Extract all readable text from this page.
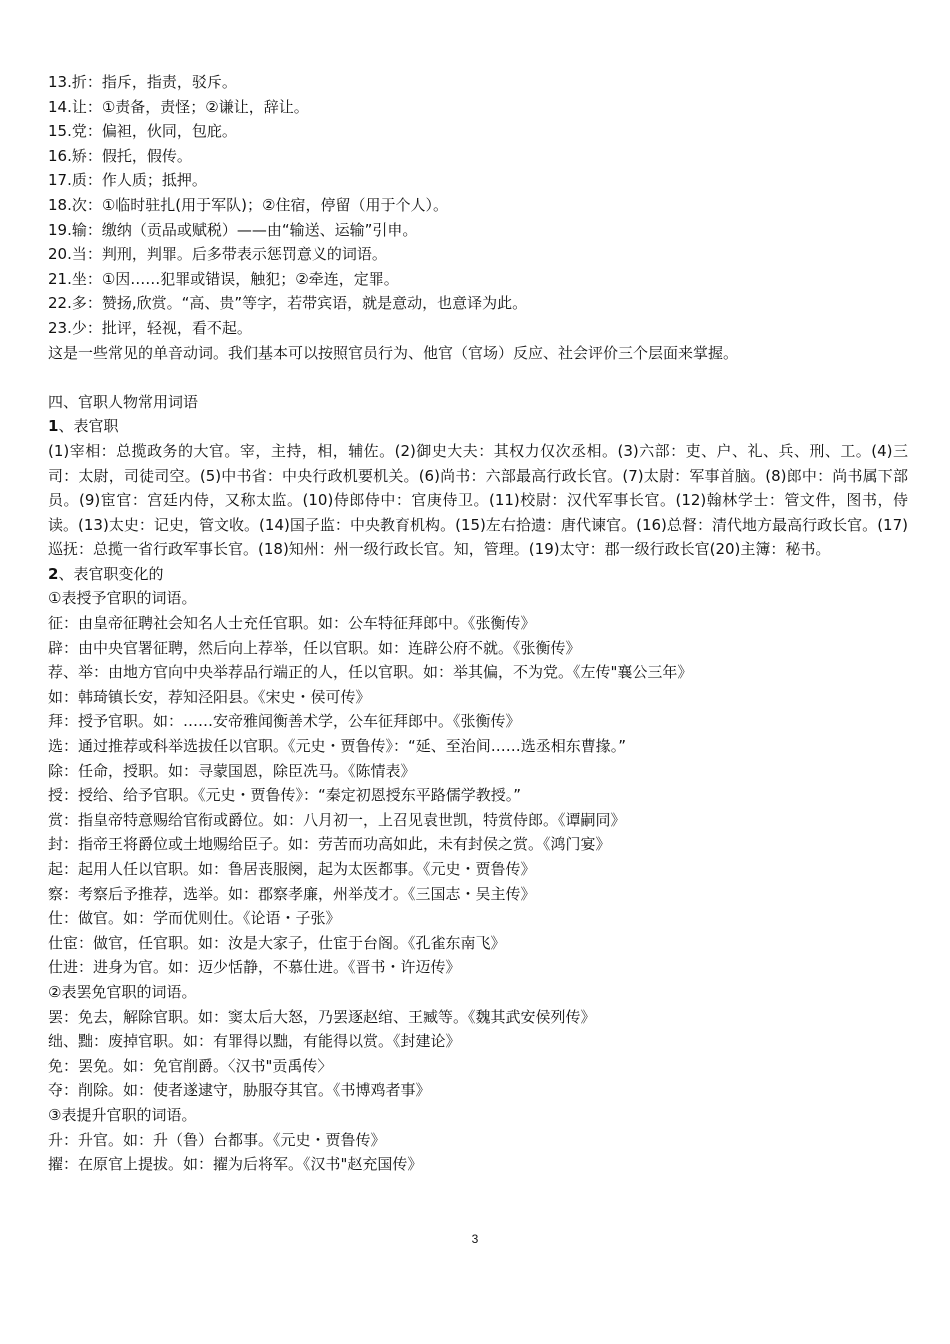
13.折：指斥，指责，驳斥。
14.让：①责备，责怪；②谦让，辞让。
15.党：偏袒，伙同，包庇。
16.矫：假托，假传。
17.质：作人质；抵押。
18.次：①临时驻扎(用于军队)；②住宿，停留（用于个人）。
19.输：缴纳（贡品或赋税）——由“输送、运输”引申。
20.当：判刑，判罪。后多带表示惩罚意义的词语。
21.坐：①因……犯罪或错误，触犯；②牵连，定罪。
22.多：赞扬,欣赏。“高、贵”等字，若带宾语，就是意动，也意译为此。
23.少：批评，轻视，看不起。
这是一些常见的单音动词。我们基本可以按照官员行为、他官（官场）反应、社会评价三个层面来掌握。
四、官职人物常用词语
1、表官职
(1)宰相：总揽政务的大官。宰，主持，相，辅佐。(2)御史大夫：其权力仅次丞相。(3)六部：吏、户、礼、兵、刑、工。(4)三司：太尉，司徒司空。(5)中书省：中央行政机要机关。(6)尚书：六部最高行政长官。(7)太尉：军事首脑。(8)郎中：尚书属下部员。(9)宦官：宫廷内侍，又称太监。(10)侍郎侍中：官庚侍卫。(11)校尉：汉代军事长官。(12)翰林学士：管文件，图书，侍读。(13)太史：记史，管文收。(14)国子监：中央教育机构。(15)左右拾遗：唐代谏官。(16)总督：清代地方最高行政长官。(17)巡抚：总揽一省行政军事长官。(18)知州：州一级行政长官。知，管理。(19)太守：郡一级行政长官(20)主簿：秘书。
2、表官职变化的
①表授予官职的词语。
征：由皇帝征聘社会知名人士充任官职。如：公车特征拜郎中。《张衡传》
辟：由中央官署征聘，然后向上荐举，任以官职。如：连辟公府不就。《张衡传》
荐、举：由地方官向中央举荐品行端正的人，任以官职。如：举其偏，不为党。《左传"襄公三年》
如：韩琦镇长安，荐知泾阳县。《宋史・侯可传》
拜：授予官职。如：……安帝雅闻衡善术学，公车征拜郎中。《张衡传》
选：通过推荐或科举选拔任以官职。《元史・贾鲁传》：“延、至治间……选丞相东曹掾。”
除：任命，授职。如：寻蒙国恩，除臣冼马。《陈情表》
授：授给、给予官职。《元史・贾鲁传》：“秦定初恩授东平路儒学教授。”
赏：指皇帝特意赐给官衔或爵位。如：八月初一，上召见袁世凯，特赏侍郎。《谭嗣同》
封：指帝王将爵位或土地赐给臣子。如：劳苦而功高如此，未有封侯之赏。《鸿门宴》
起：起用人任以官职。如：鲁居丧服阕，起为太医都事。《元史・贾鲁传》
察：考察后予推荐，选举。如：郡察孝廉，州举茂才。《三国志・吴主传》
仕：做官。如：学而优则仕。《论语・子张》
仕宦：做官，任官职。如：汝是大家子，仕宦于台阁。《孔雀东南飞》
仕进：进身为官。如：迈少恬静，不慕仕进。《晋书・许迈传》
②表罢免官职的词语。
罢：免去，解除官职。如：窦太后大怒，乃罢逐赵绾、王臧等。《魏其武安侯列传》
绌、黜：废掉官职。如：有罪得以黜，有能得以赏。《封建论》
免：罢免。如：免官削爵。〈汉书"贡禹传〉
夺：削除。如：使者遂逮守，胁服夺其官。《书博鸡者事》
③表提升官职的词语。
升：升官。如：升（鲁）台都事。《元史・贾鲁传》
擢：在原官上提拔。如：擢为后将军。《汉书"赵充国传》
3
